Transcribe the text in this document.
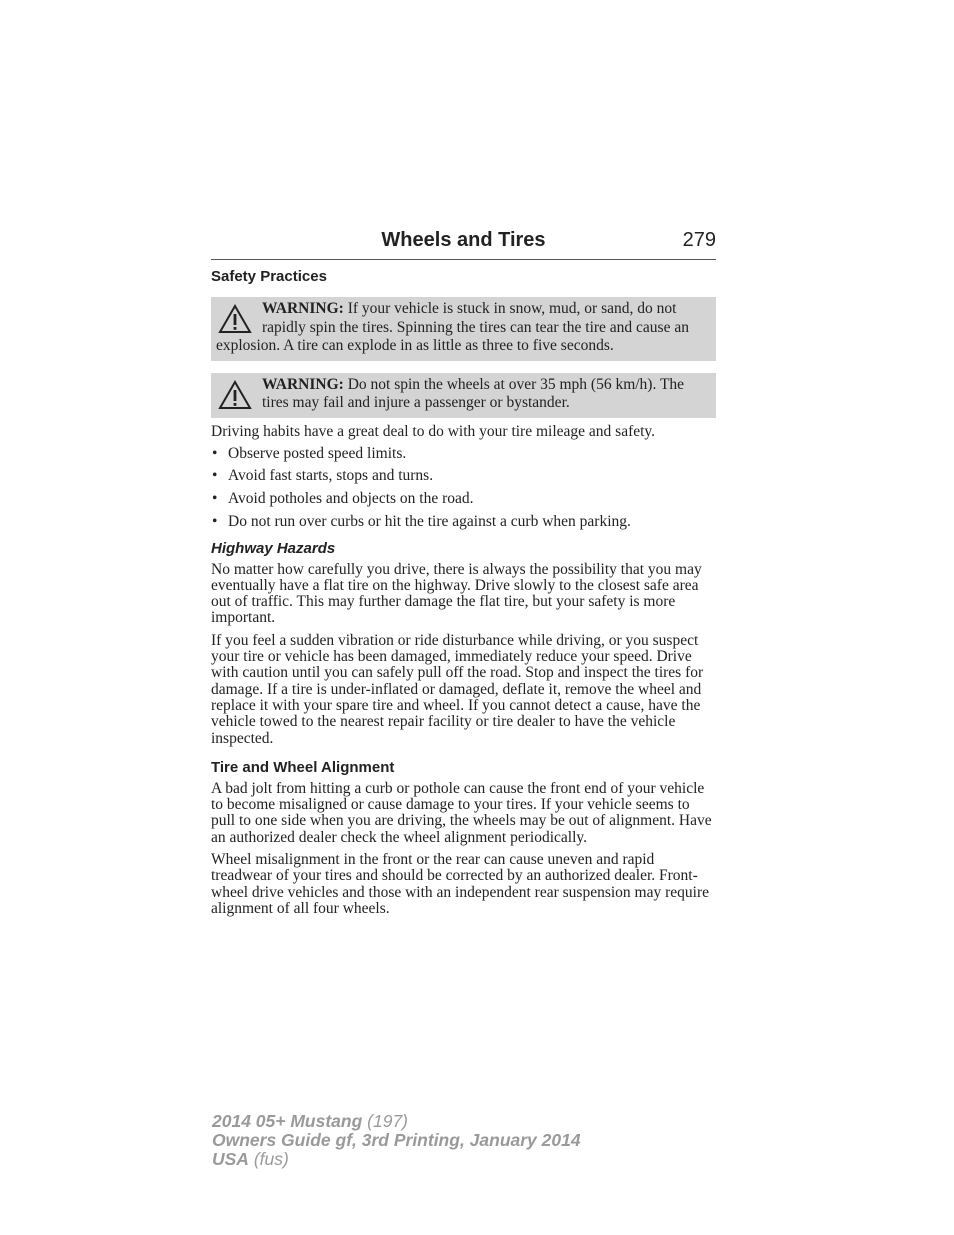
Wheels and Tires	279
Safety Practices
WARNING: If your vehicle is stuck in snow, mud, or sand, do not rapidly spin the tires. Spinning the tires can tear the tire and cause an explosion. A tire can explode in as little as three to five seconds.
WARNING: Do not spin the wheels at over 35 mph (56 km/h). The tires may fail and injure a passenger or bystander.

Driving habits have a great deal to do with your tire mileage and safety.

• Observe posted speed limits.
• Avoid fast starts, stops and turns.
• Avoid potholes and objects on the road.
• Do not run over curbs or hit the tire against a curb when parking.
Highway Hazards

No matter how carefully you drive, there is always the possibility that you may eventually have a flat tire on the highway. Drive slowly to the closest safe area out of traffic. This may further damage the flat tire, but your safety is more important.

If you feel a sudden vibration or ride disturbance while driving, or you suspect your tire or vehicle has been damaged, immediately reduce your speed. Drive with caution until you can safely pull off the road. Stop and inspect the tires for damage. If a tire is under-inflated or damaged, deflate it, remove the wheel and replace it with your spare tire and wheel. If you cannot detect a cause, have the vehicle towed to the nearest repair facility or tire dealer to have the vehicle inspected.

Tire and Wheel Alignment

A bad jolt from hitting a curb or pothole can cause the front end of your vehicle to become misaligned or cause damage to your tires. If your vehicle seems to pull to one side when you are driving, the wheels may be out of alignment. Have an authorized dealer check the wheel alignment periodically.

Wheel misalignment in the front or the rear can cause uneven and rapid treadwear of your tires and should be corrected by an authorized dealer. Front-wheel drive vehicles and those with an independent rear suspension may require alignment of all four wheels.

2014 05+ Mustang (197)
Owners Guide gf, 3rd Printing, January 2014
USA (fus)
